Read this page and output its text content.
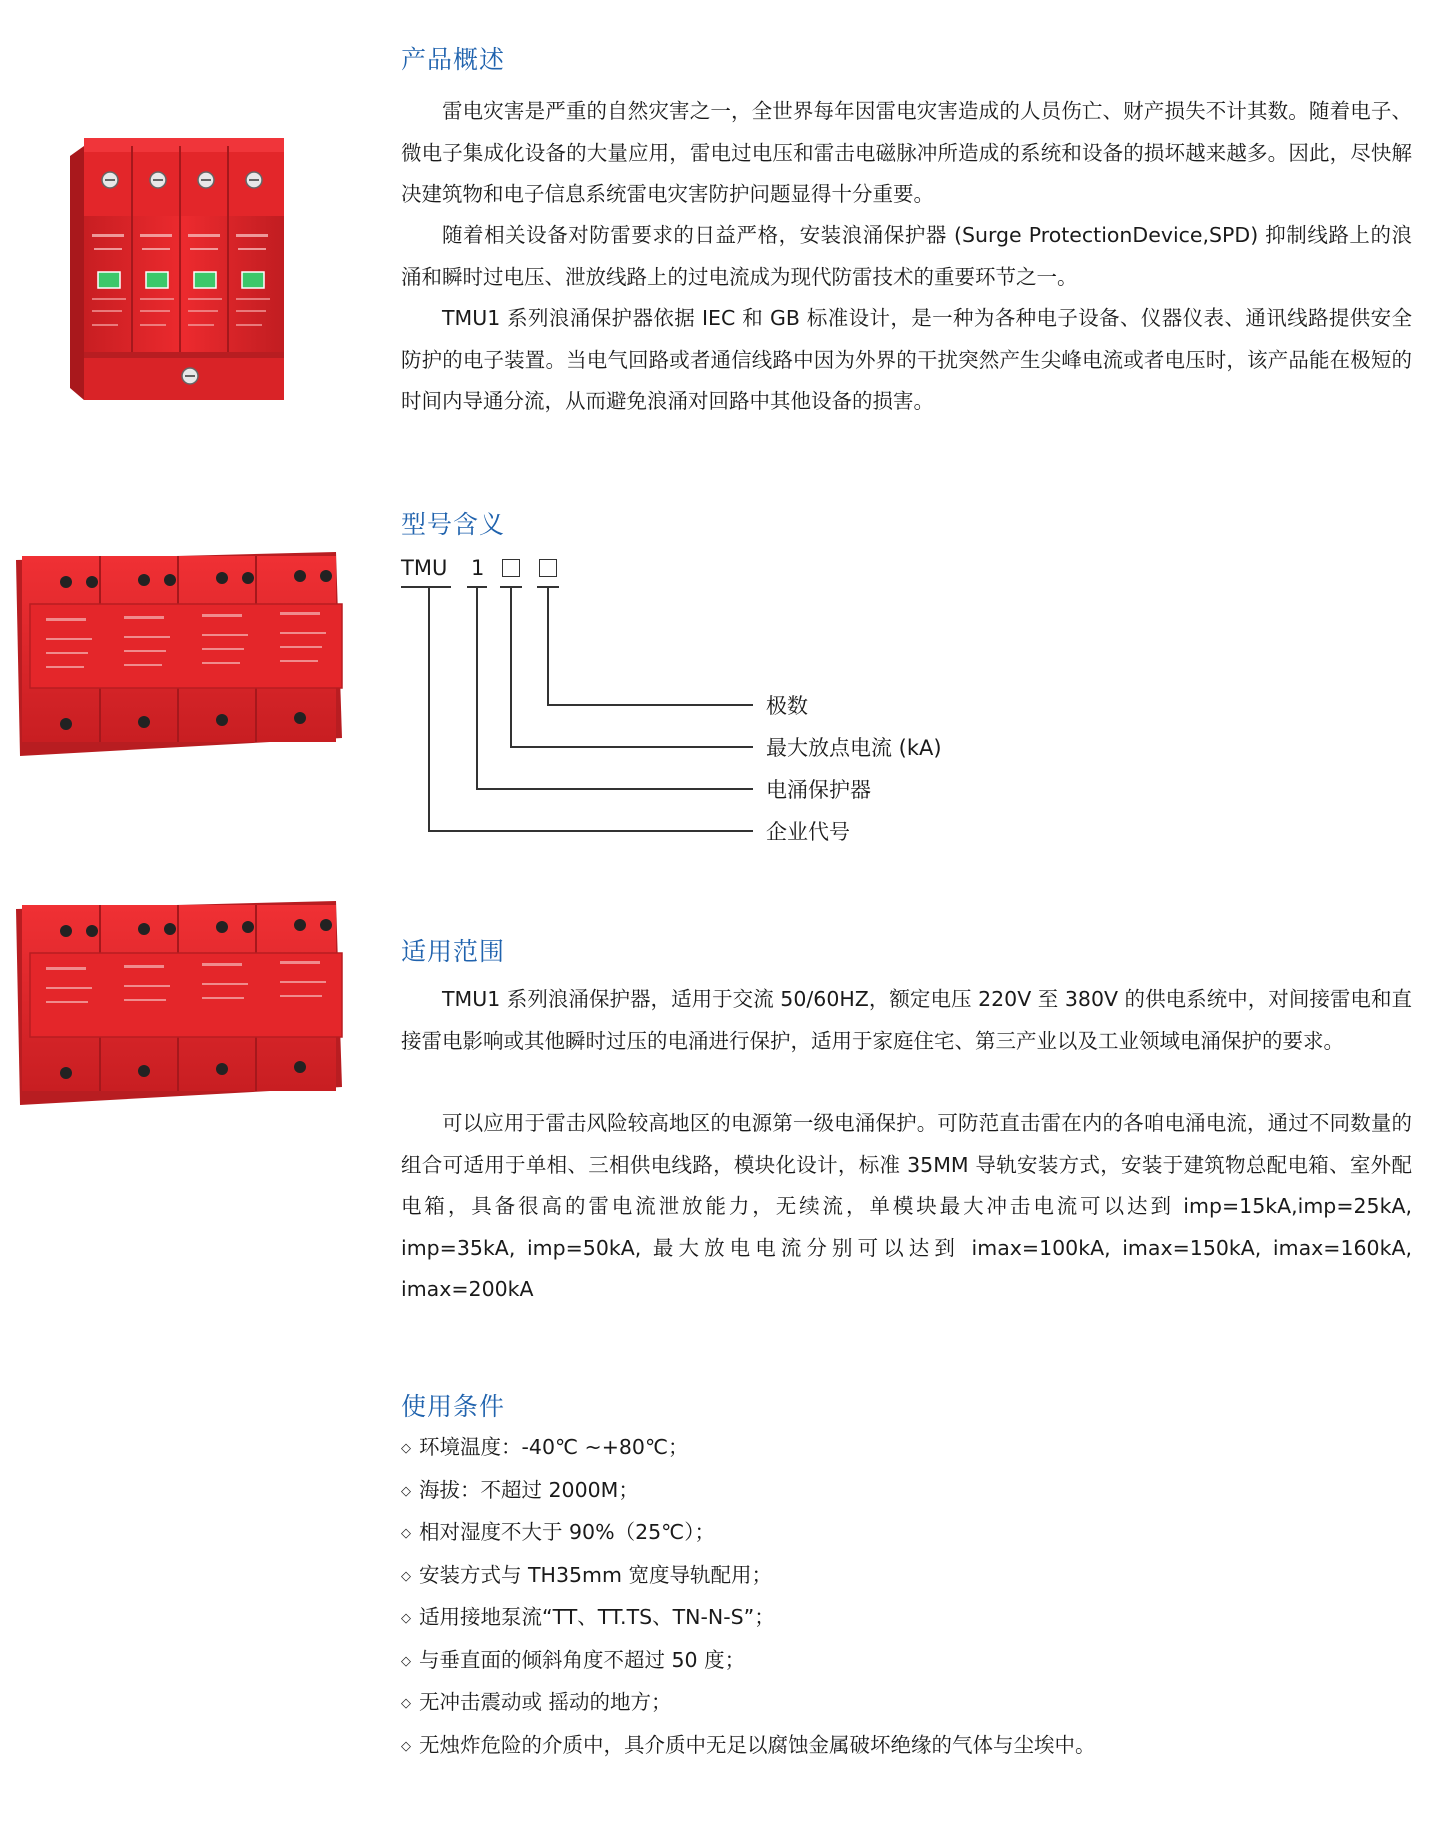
产品概述

雷电灾害是严重的自然灾害之一，全世界每年因雷电灾害造成的人员伤亡、财产损失不计其数。随着电子、微电子集成化设备的大量应用，雷电过电压和雷击电磁脉冲所造成的系统和设备的损坏越来越多。因此，尽快解决建筑物和电子信息系统雷电灾害防护问题显得十分重要。

随着相关设备对防雷要求的日益严格，安装浪涌保护器 (Surge ProtectionDevice,SPD) 抑制线路上的浪涌和瞬时过电压、泄放线路上的过电流成为现代防雷技术的重要环节之一。

TMU1 系列浪涌保护器依据 IEC 和 GB 标准设计，是一种为各种电子设备、仪器仪表、通讯线路提供安全防护的电子装置。当电气回路或者通信线路中因为外界的干扰突然产生尖峰电流或者电压时，该产品能在极短的时间内导通分流，从而避免浪涌对回路中其他设备的损害。

型号含义
TMU 1
极数
最大放点电流 (kA)
电涌保护器
企业代号
适用范围

TMU1 系列浪涌保护器，适用于交流 50/60HZ，额定电压 220V 至 380V 的供电系统中，对间接雷电和直接雷电影响或其他瞬时过压的电涌进行保护，适用于家庭住宅、第三产业以及工业领域电涌保护的要求。

可以应用于雷击风险较高地区的电源第一级电涌保护。可防范直击雷在内的各咱电涌电流，通过不同数量的组合可适用于单相、三相供电线路，模块化设计，标准 35MM 导轨安装方式，安装于建筑物总配电箱、室外配电箱，具备很高的雷电流泄放能力，无续流，单模块最大冲击电流可以达到 imp=15kA,imp=25kA, imp=35kA, imp=50kA, 最大放电电流分别可以达到 imax=100kA, imax=150kA, imax=160kA, imax=200kA

使用条件
◇ 环境温度：-40℃ ~+80℃；
◇ 海拔：不超过 2000M；
◇ 相对湿度不大于 90%（25℃）；
◇ 安装方式与 TH35mm 宽度导轨配用；
◇ 适用接地泵流“TT、TT.TS、TN-N-S”；
◇ 与垂直面的倾斜角度不超过 50 度；
◇ 无冲击震动或 摇动的地方；
◇ 无烛炸危险的介质中，具介质中无足以腐蚀金属破坏绝缘的气体与尘埃中。
